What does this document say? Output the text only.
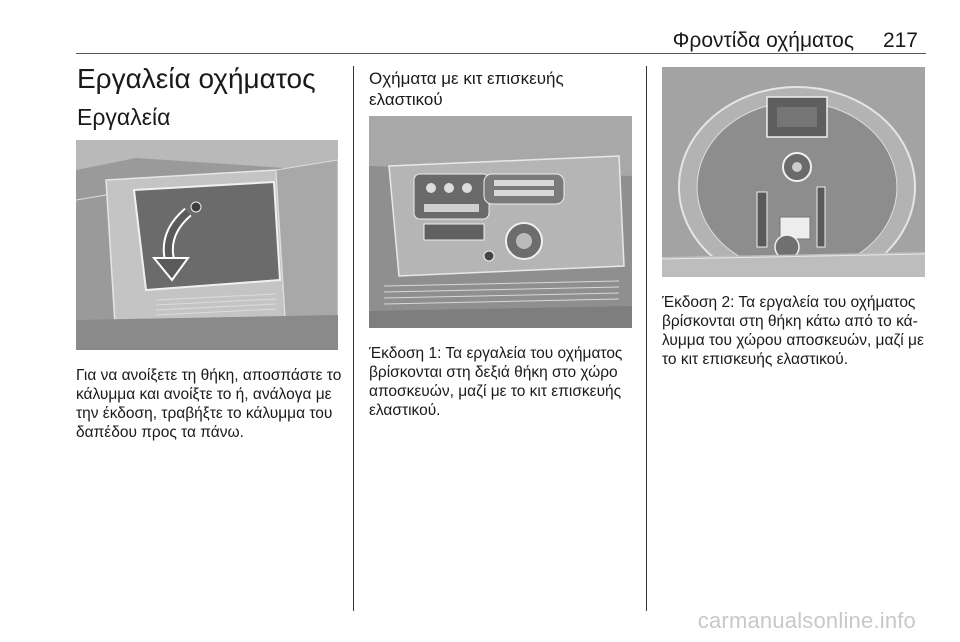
Φροντίδα οχήματος 217
Εργαλεία οχήματος
Εργαλεία

Για να ανοίξετε τη θήκη, αποσπάστε το κάλυμμα και ανοίξτε το ή, ανάλογα με την έκδοση, τραβήξτε το κάλυμμα του δαπέδου προς τα πάνω.

Οχήματα με κιτ επισκευής ελαστικού

Έκδοση 1: Τα εργαλεία του οχήματος βρίσκονται στη δεξιά θήκη στο χώρο αποσκευών, μαζί με το κιτ επισκευής ελαστικού.

Έκδοση 2: Τα εργαλεία του οχήματος βρίσκονται στη θήκη κάτω από το κά- λυμμα του χώρου αποσκευών, μαζί με το κιτ επισκευής ελαστικού.

carmanualsonline.info
